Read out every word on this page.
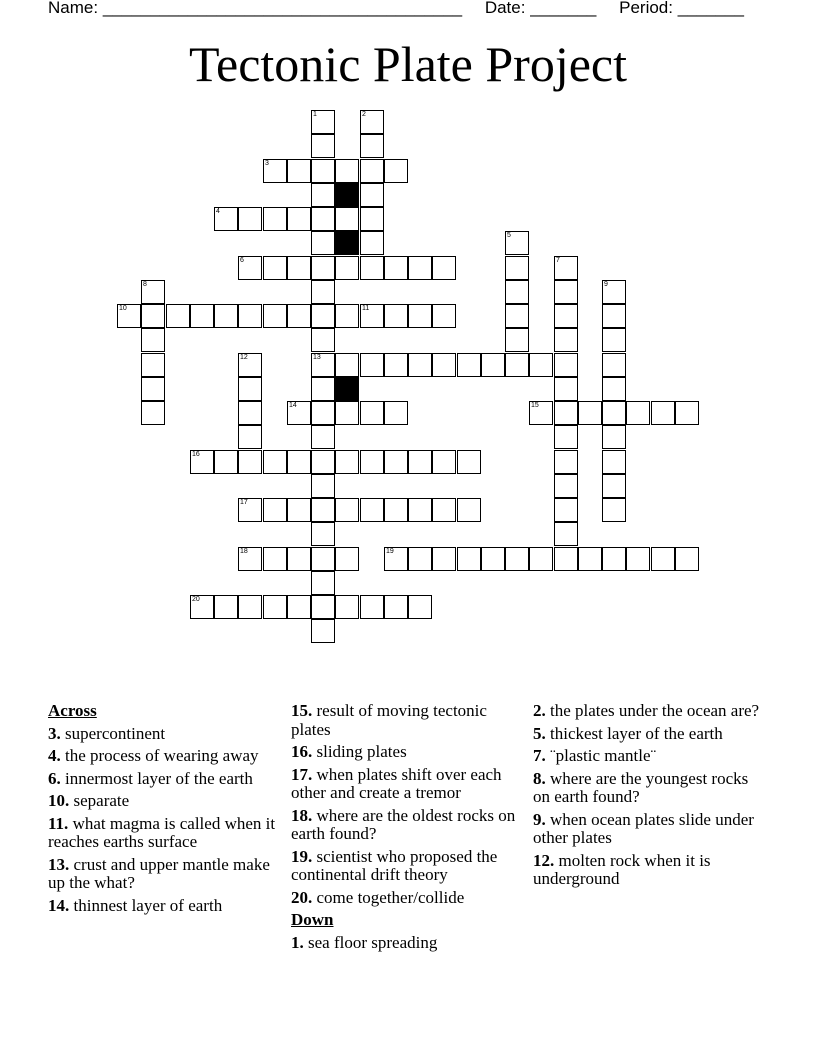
Name: ______________________________________ Date: _______ Period: _______
Tectonic Plate Project
3
4
6
10	11
13
14	15
16
17
18	19
20
1	2
5
7
8	9
12
Across
3. supercontinent
4. the process of wearing away
6. innermost layer of the earth
10. separate
11. what magma is called when it reaches earths surface
13. crust and upper mantle make up the what?
14. thinnest layer of earth
15. result of moving tectonic plates
16. sliding plates
17. when plates shift over each other and create a tremor
18. where are the oldest rocks on earth found?
19. scientist who proposed the continental drift theory
20. come together/collide
Down
1. sea floor spreading
2. the plates under the ocean are?
5. thickest layer of the earth
7. ¨plastic mantle¨
8. where are the youngest rocks on earth found?
9. when ocean plates slide under other plates
12. molten rock when it is underground
